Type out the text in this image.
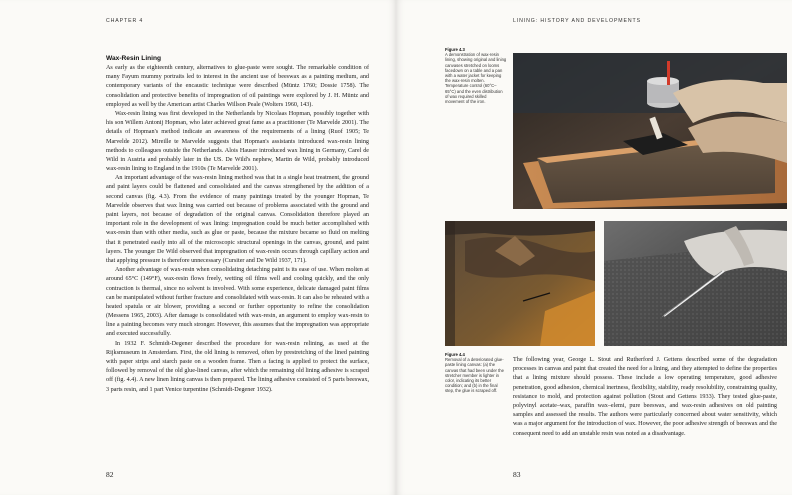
CHAPTER 4
Wax-Resin Lining

As early as the eighteenth century, alternatives to glue-paste were sought. The remarkable condition of many Fayum mummy portraits led to interest in the ancient use of beeswax as a painting medium, and contemporary variants of the encaustic technique were described (Müntz 1760; Dossie 1758). The consolidation and protective benefits of impregnation of oil paintings were explored by J. H. Müntz and employed as well by the American artist Charles Willson Peale (Wolters 1960, 143).

Wax-resin lining was first developed in the Netherlands by Nicolaas Hopman, possibly together with his son Willem Antonij Hopman, who later achieved great fame as a practitioner (Te Marvelde 2001). The details of Hopman's method indicate an awareness of the requirements of a lining (Ruof 1905; Te Marvelde 2012). Mireille te Marvelde suggests that Hopman's assistants introduced wax-resin lining methods to colleagues outside the Netherlands. Alois Hauser introduced wax lining in Germany, Carel de Wild in Austria and probably later in the US. De Wild's nephew, Martin de Wild, probably introduced wax-resin lining to England in the 1910s (Te Marvelde 2001).

An important advantage of the wax-resin lining method was that in a single heat treatment, the ground and paint layers could be flattened and consolidated and the canvas strengthened by the addition of a second canvas (fig. 4.3). From the evidence of many paintings treated by the younger Hopman, Te Marvelde observes that wax lining was carried out because of problems associated with the ground and paint layers, not because of degradation of the original canvas. Consolidation therefore played an important role in the development of wax lining: impregnation could be much better accomplished with wax-resin than with other media, such as glue or paste, because the mixture became so fluid on melting that it penetrated easily into all of the microscopic structural openings in the canvas, ground, and paint layers. The younger De Wild observed that impregnation of wax-resin occurs through capillary action and that applying pressure is therefore unnecessary (Cursiter and De Wild 1937, 171).

Another advantage of wax-resin when consolidating detaching paint is its ease of use. When molten at around 65°C (149°F), wax-resin flows freely, wetting oil films well and cooling quickly, and the only contraction is thermal, since no solvent is involved. With some experience, delicate damaged paint films can be manipulated without further fracture and consolidated with wax-resin. It can also be reheated with a heated spatula or air blower, providing a second or further opportunity to refine the consolidation (Messens 1965, 2003). After damage is consolidated with wax-resin, an argument to employ wax-resin to line a painting becomes very much stronger. However, this assumes that the impregnation was appropriate and executed successfully.

In 1932 F. Schmidt-Degener described the procedure for wax-resin relining, as used at the Rijksmuseum in Amsterdam. First, the old lining is removed, often by prestretching of the lined painting with paper strips and starch paste on a wooden frame. Then a facing is applied to protect the surface, followed by removal of the old glue-lined canvas, after which the remaining old lining adhesive is scraped off (fig. 4.4). A new linen lining canvas is then prepared. The lining adhesive consisted of 5 parts beeswax, 3 parts resin, and 1 part Venice turpentine (Schmidt-Degener 1932).

82
LINING: HISTORY AND DEVELOPMENTS
Figure 4.3
A demonstration of wax-resin lining, showing original and lining canvases stretched on looms facedown on a table and a pan with a water jacket for keeping the wax-resin molten. Temperature control (60°C–65°C) and the even distribution of wax required skilled movement of the iron.
Figure 4.4
Removal of a deteriorated glue-paste lining canvas: (a) the canvas that had been under the stretcher member is lighter in color, indicating its better condition; and (b) in the final step, the glue is scraped off.

The following year, George L. Stout and Rutherford J. Gettens described some of the degradation processes in canvas and paint that created the need for a lining, and they attempted to define the properties that a lining mixture should possess. These include a low operating temperature, good adhesive penetration, good adhesion, chemical inertness, flexibility, stability, ready resolubility, constraining quality, resistance to mold, and protection against pollution (Stout and Gettens 1933). They tested glue-paste, polyvinyl acetate–wax, paraffin wax–elemi, pure beeswax, and wax-resin adhesives on old painting samples and assessed the results. The authors were particularly concerned about water sensitivity, which was a major argument for the introduction of wax. However, the poor adhesive strength of beeswax and the consequent need to add an unstable resin was noted as a disadvantage.

83
